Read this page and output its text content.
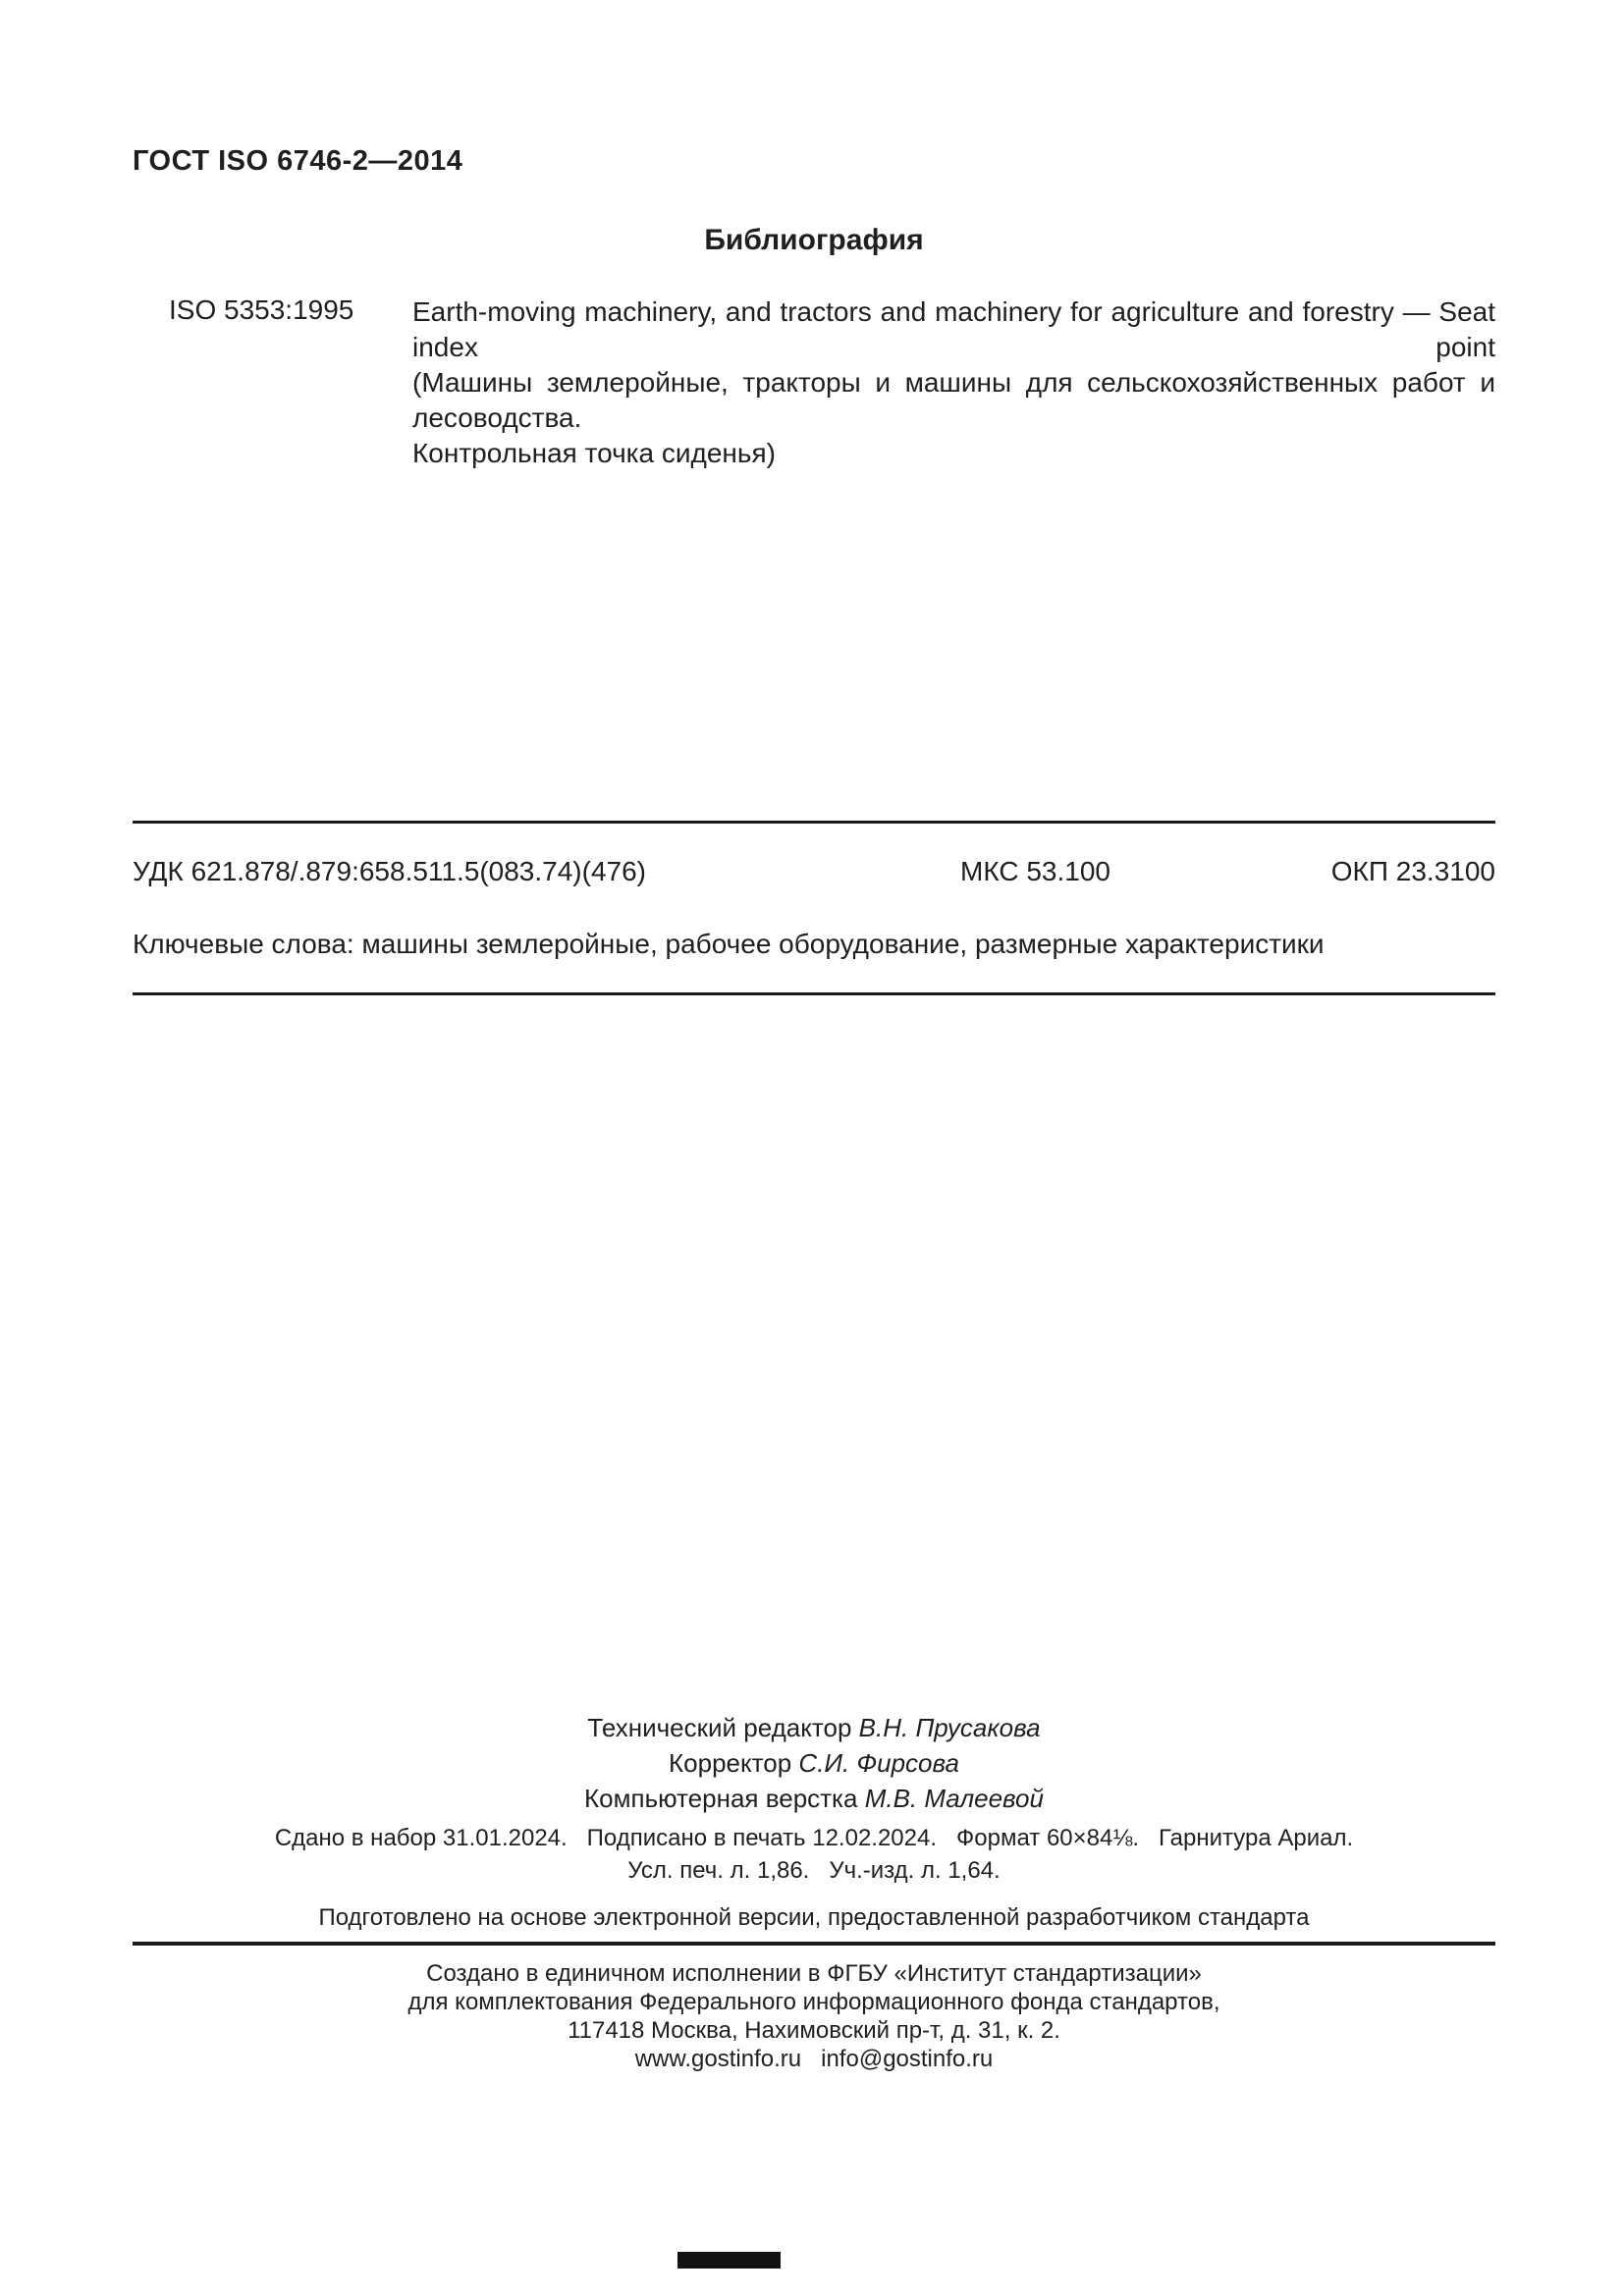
ГОСТ ISO 6746-2—2014
Библиография
ISO 5353:1995 Earth-moving machinery, and tractors and machinery for agriculture and forestry — Seat index point
(Машины землеройные, тракторы и машины для сельскохозяйственных работ и лесоводства.
Контрольная точка сиденья)
УДК 621.878/.879:658.511.5(083.74)(476)	МКС 53.100	ОКП 23.3100
Ключевые слова: машины землеройные, рабочее оборудование, размерные характеристики
Технический редактор В.Н. Прусакова
Корректор С.И. Фирсова
Компьютерная верстка М.В. Малеевой
Сдано в набор 31.01.2024.   Подписано в печать 12.02.2024.   Формат 60×84⅛.   Гарнитура Ариал.
Усл. печ. л. 1,86.   Уч.-изд. л. 1,64.
Подготовлено на основе электронной версии, предоставленной разработчиком стандарта
Создано в единичном исполнении в ФГБУ «Институт стандартизации»
для комплектования Федерального информационного фонда стандартов,
117418 Москва, Нахимовский пр-т, д. 31, к. 2.
www.gostinfo.ru   info@gostinfo.ru
